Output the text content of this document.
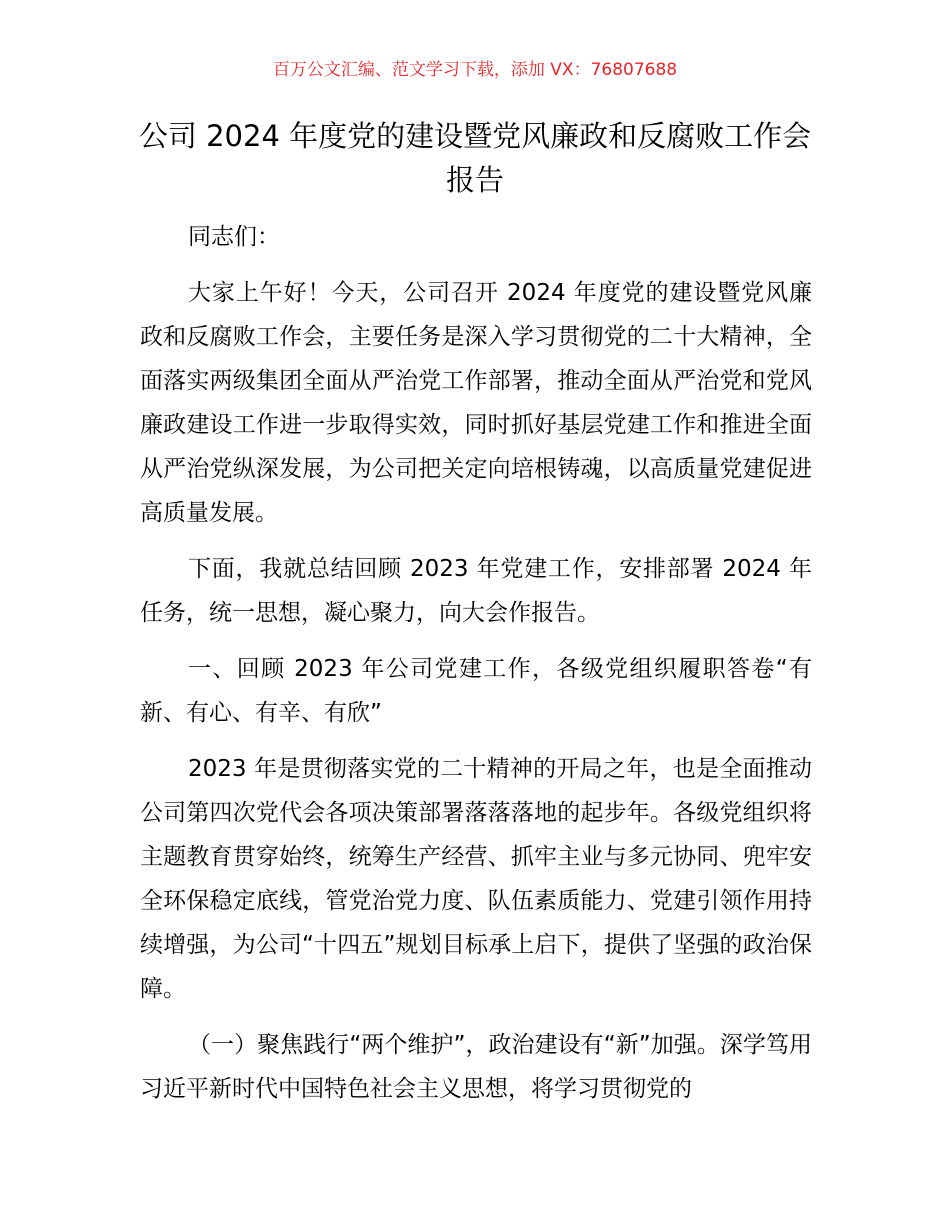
百万公文汇编、范文学习下载，添加 VX：76807688
公司 2024 年度党的建设暨党风廉政和反腐败工作会报告

同志们：

大家上午好！今天，公司召开 2024 年度党的建设暨党风廉政和反腐败工作会，主要任务是深入学习贯彻党的二十大精神，全面落实两级集团全面从严治党工作部署，推动全面从严治党和党风廉政建设工作进一步取得实效，同时抓好基层党建工作和推进全面从严治党纵深发展，为公司把关定向培根铸魂，以高质量党建促进高质量发展。

下面，我就总结回顾 2023 年党建工作，安排部署 2024 年任务，统一思想，凝心聚力，向大会作报告。

一、回顾 2023 年公司党建工作，各级党组织履职答卷“有新、有心、有辛、有欣”

2023 年是贯彻落实党的二十精神的开局之年，也是全面推动公司第四次党代会各项决策部署落落落地的起步年。各级党组织将主题教育贯穿始终，统筹生产经营、抓牢主业与多元协同、兜牢安全环保稳定底线，管党治党力度、队伍素质能力、党建引领作用持续增强，为公司“十四五”规划目标承上启下，提供了坚强的政治保障。

（一）聚焦践行“两个维护”，政治建设有“新”加强。深学笃用习近平新时代中国特色社会主义思想，将学习贯彻党的
